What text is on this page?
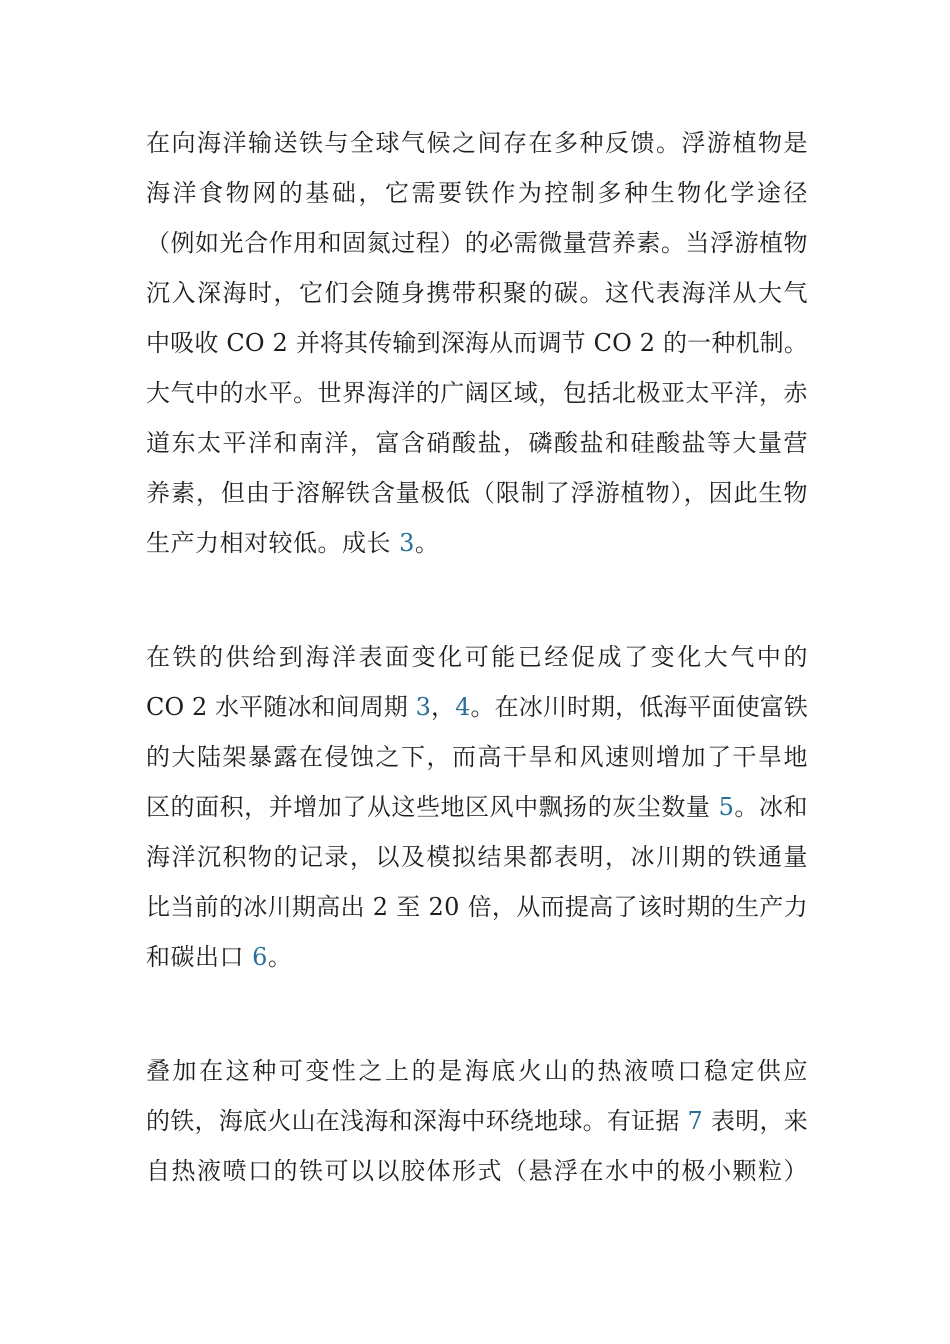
在向海洋输送铁与全球气候之间存在多种反馈。浮游植物是
海洋食物网的基础，它需要铁作为控制多种生物化学途径
（例如光合作用和固氮过程）的必需微量营养素。当浮游植物
沉入深海时，它们会随身携带积聚的碳。这代表海洋从大气
中吸收 CO 2 并将其传输到深海从而调节 CO 2 的一种机制。
大气中的水平。世界海洋的广阔区域，包括北极亚太平洋，赤
道东太平洋和南洋，富含硝酸盐，磷酸盐和硅酸盐等大量营
养素，但由于溶解铁含量极低（限制了浮游植物），因此生物
生产力相对较低。成长 3。
在铁的供给到海洋表面变化可能已经促成了变化大气中的
CO 2 水平随冰和间周期 3，4。在冰川时期，低海平面使富铁
的大陆架暴露在侵蚀之下，而高干旱和风速则增加了干旱地
区的面积，并增加了从这些地区风中飘扬的灰尘数量 5。冰和
海洋沉积物的记录，以及模拟结果都表明，冰川期的铁通量
比当前的冰川期高出 2 至 20 倍，从而提高了该时期的生产力
和碳出口 6。
叠加在这种可变性之上的是海底火山的热液喷口稳定供应
的铁，海底火山在浅海和深海中环绕地球。有证据 7 表明，来
自热液喷口的铁可以以胶体形式（悬浮在水中的极小颗粒）
